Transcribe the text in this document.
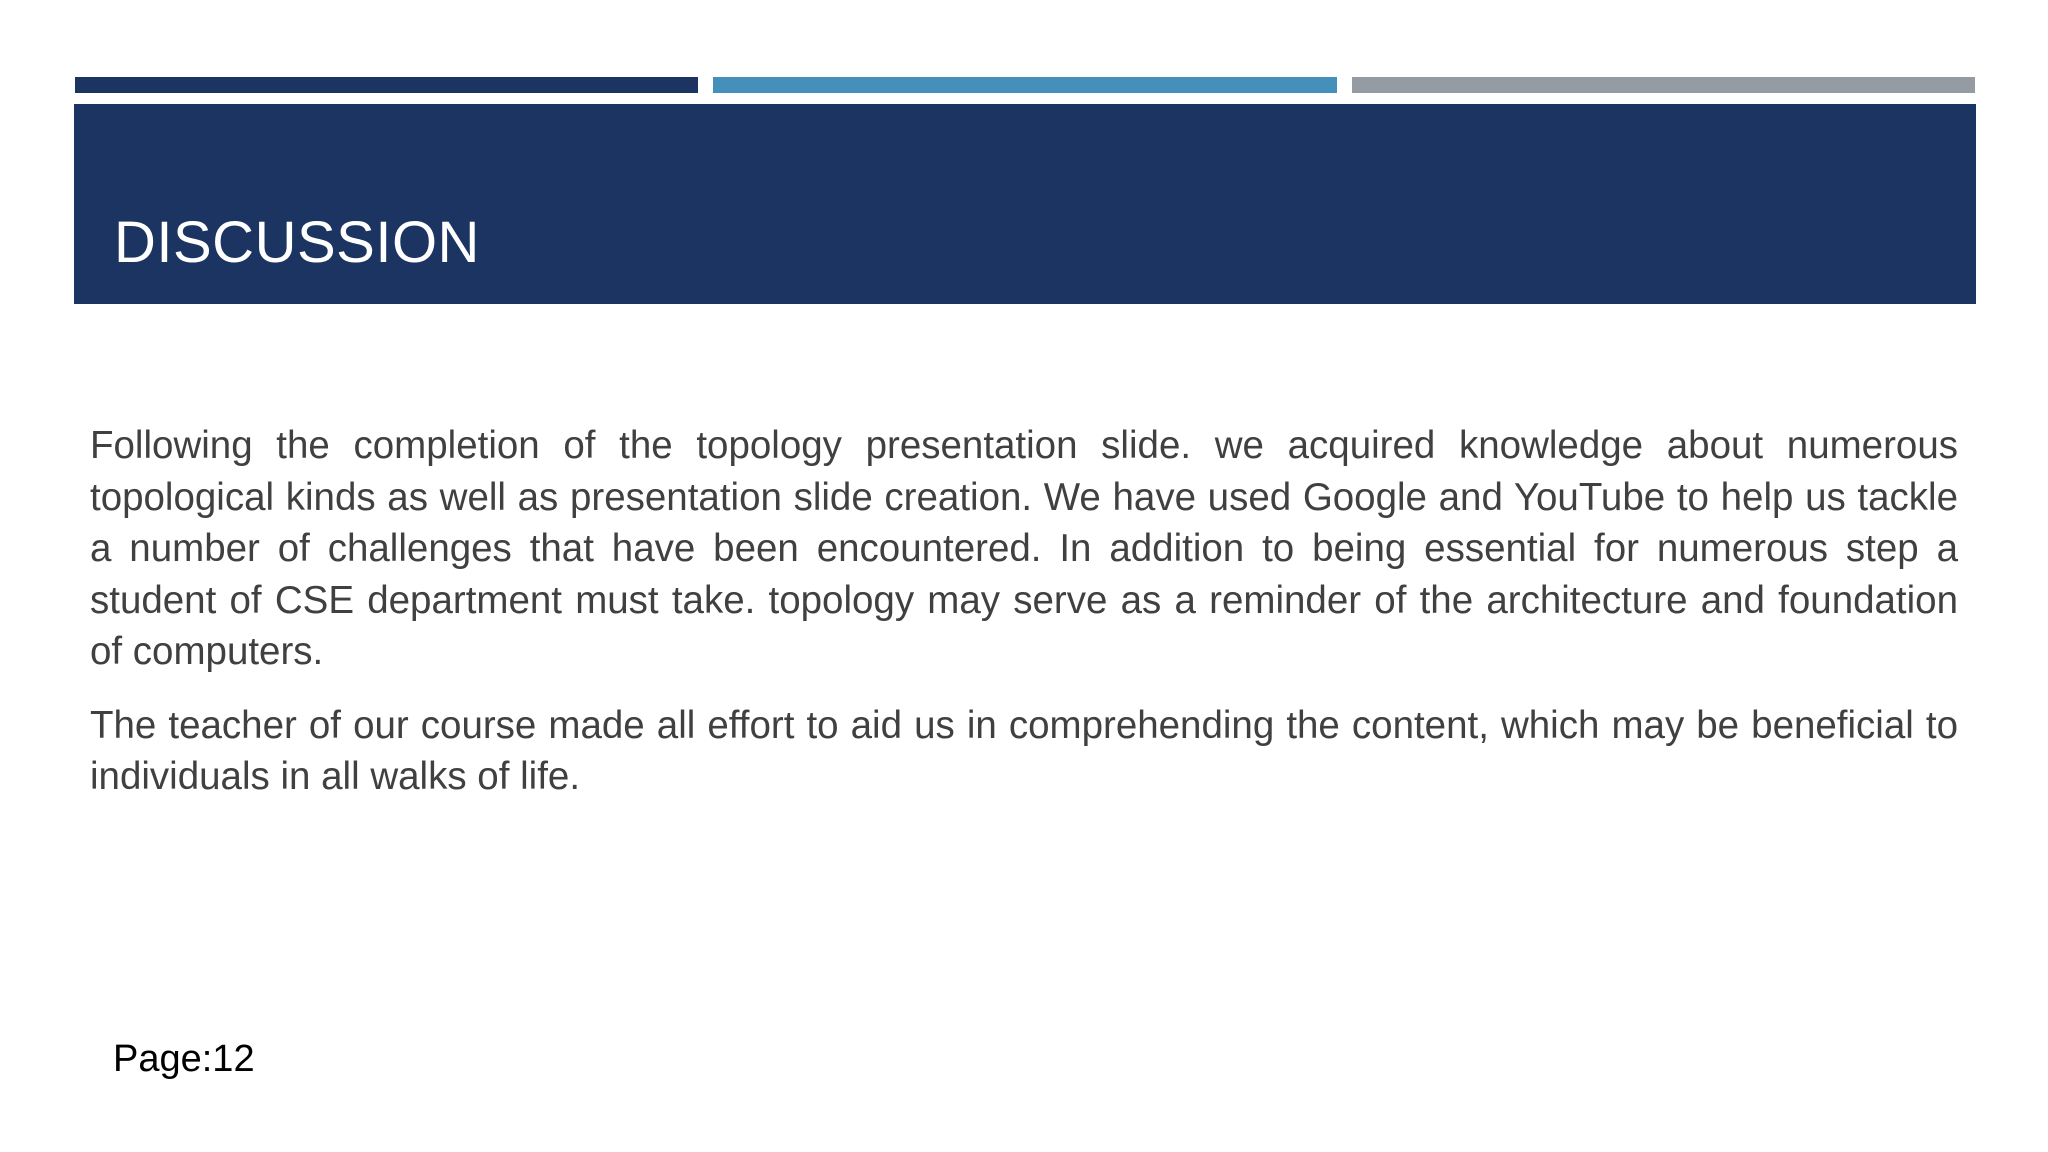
DISCUSSION

Following the completion of the topology presentation slide. we acquired knowledge about numerous topological kinds as well as presentation slide creation. We have used Google and YouTube to help us tackle a number of challenges that have been encountered. In addition to being essential for numerous step a student of CSE department must take. topology may serve as a reminder of the architecture and foundation of computers.

The teacher of our course made all effort to aid us in comprehending the content, which may be beneficial to individuals in all walks of life.

Page:12
